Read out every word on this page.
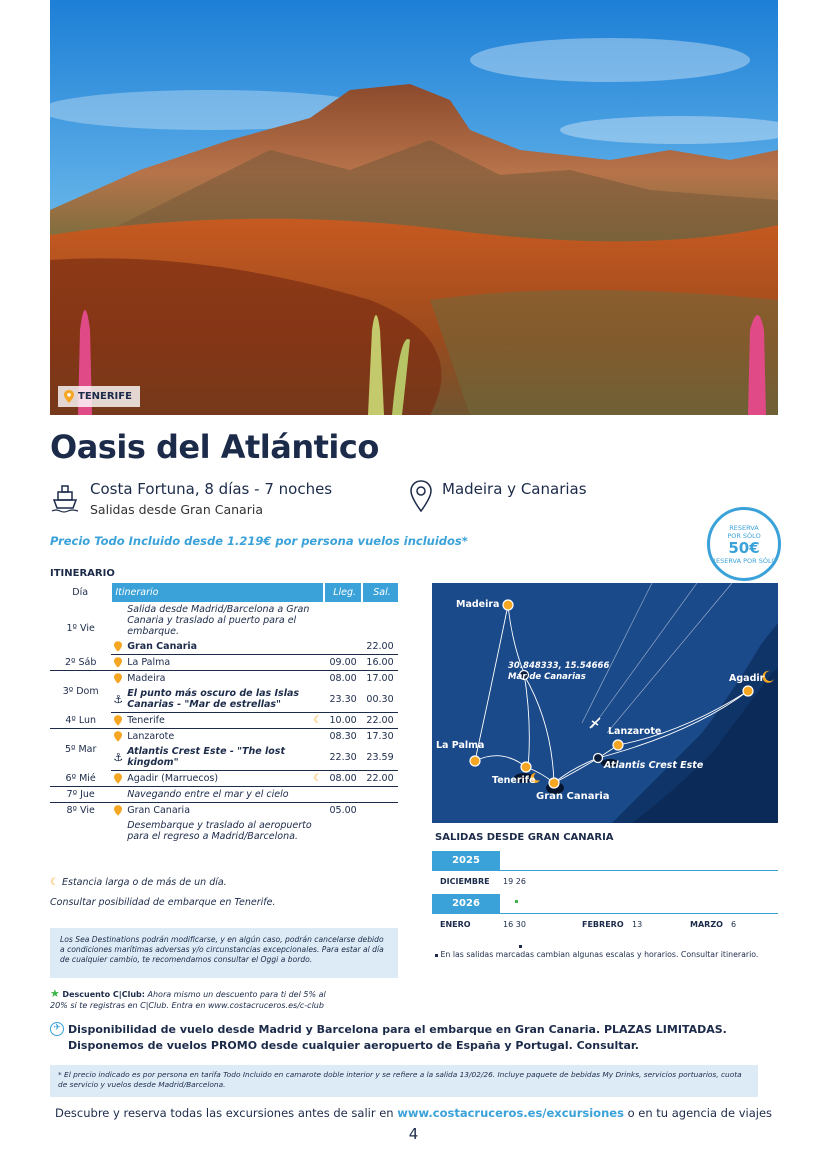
TENERIFE
Oasis del Atlántico
Costa Fortuna, 8 días - 7 noches
Salidas desde Gran Canaria
Madeira y Canarias
Precio Todo Incluido desde 1.219€ por persona vuelos incluidos*
RESERVA
POR SÓLO
50€
RESERVA POR SÓLO
ITINERARIO
Día	Itinerario			Lleg.	Sal.
1º Vie		Salida desde Madrid/Barcelona a Gran Canaria y traslado al puerto para el embarque.			
	Gran Canaria			22.00
2º Sáb		La Palma		09.00	16.00
3º Dom		Madeira		08.00	17.00
	⚓	El punto más oscuro de las Islas Canarias - "Mar de estrellas"		23.30	00.30
4º Lun		Tenerife	☾	10.00	22.00
5º Mar		Lanzarote		08.30	17.30
	⚓	Atlantis Crest Este - "The lost kingdom"		22.30	23.59
6º Mié		Agadir (Marruecos)	☾	08.00	22.00
7º Jue		Navegando entre el mar y el cielo			
8º Vie		Gran Canaria		05.00	
		Desembarque y traslado al aeropuerto para el regreso a Madrid/Barcelona.			
☾ Estancia larga o de más de un día.
Consultar posibilidad de embarque en Tenerife.
Los Sea Destinations podrán modificarse, y en algún caso, podrán cancelarse debido a condiciones marítimas adversas y/o circunstancias excepcionales. Para estar al día de cualquier cambio, te recomendamos consultar el Oggi a bordo.
★ Descuento C|Club: Ahora mismo un descuento para ti del 5% al 20% si te registras en C|Club. Entra en www.costacruceros.es/c-club
✈ Disponibilidad de vuelo desde Madrid y Barcelona para el embarque en Gran Canaria. PLAZAS LIMITADAS.
Disponemos de vuelos PROMO desde cualquier aeropuerto de España y Portugal. Consultar.
* El precio indicado es por persona en tarifa Todo Incluido en camarote doble interior y se refiere a la salida 13/02/26. Incluye paquete de bebidas My Drinks, servicios portuarios, cuota de servicio y vuelos desde Madrid/Barcelona.
Descubre y reserva todas las excursiones antes de salir en www.costacruceros.es/excursiones o en tu agencia de viajes
4
Madeira
30.848333, 15.54666
Mar de Canarias	Agadir
Lanzarote
Atlantis Crest Este
La Palma
Tenerife
Gran Canaria
SALIDAS DESDE GRAN CANARIA
2025
DICIEMBRE 19 26
2026
ENERO	16 30	FEBRERO 13	MARZO 6
En las salidas marcadas cambian algunas escalas y horarios. Consultar itinerario.
